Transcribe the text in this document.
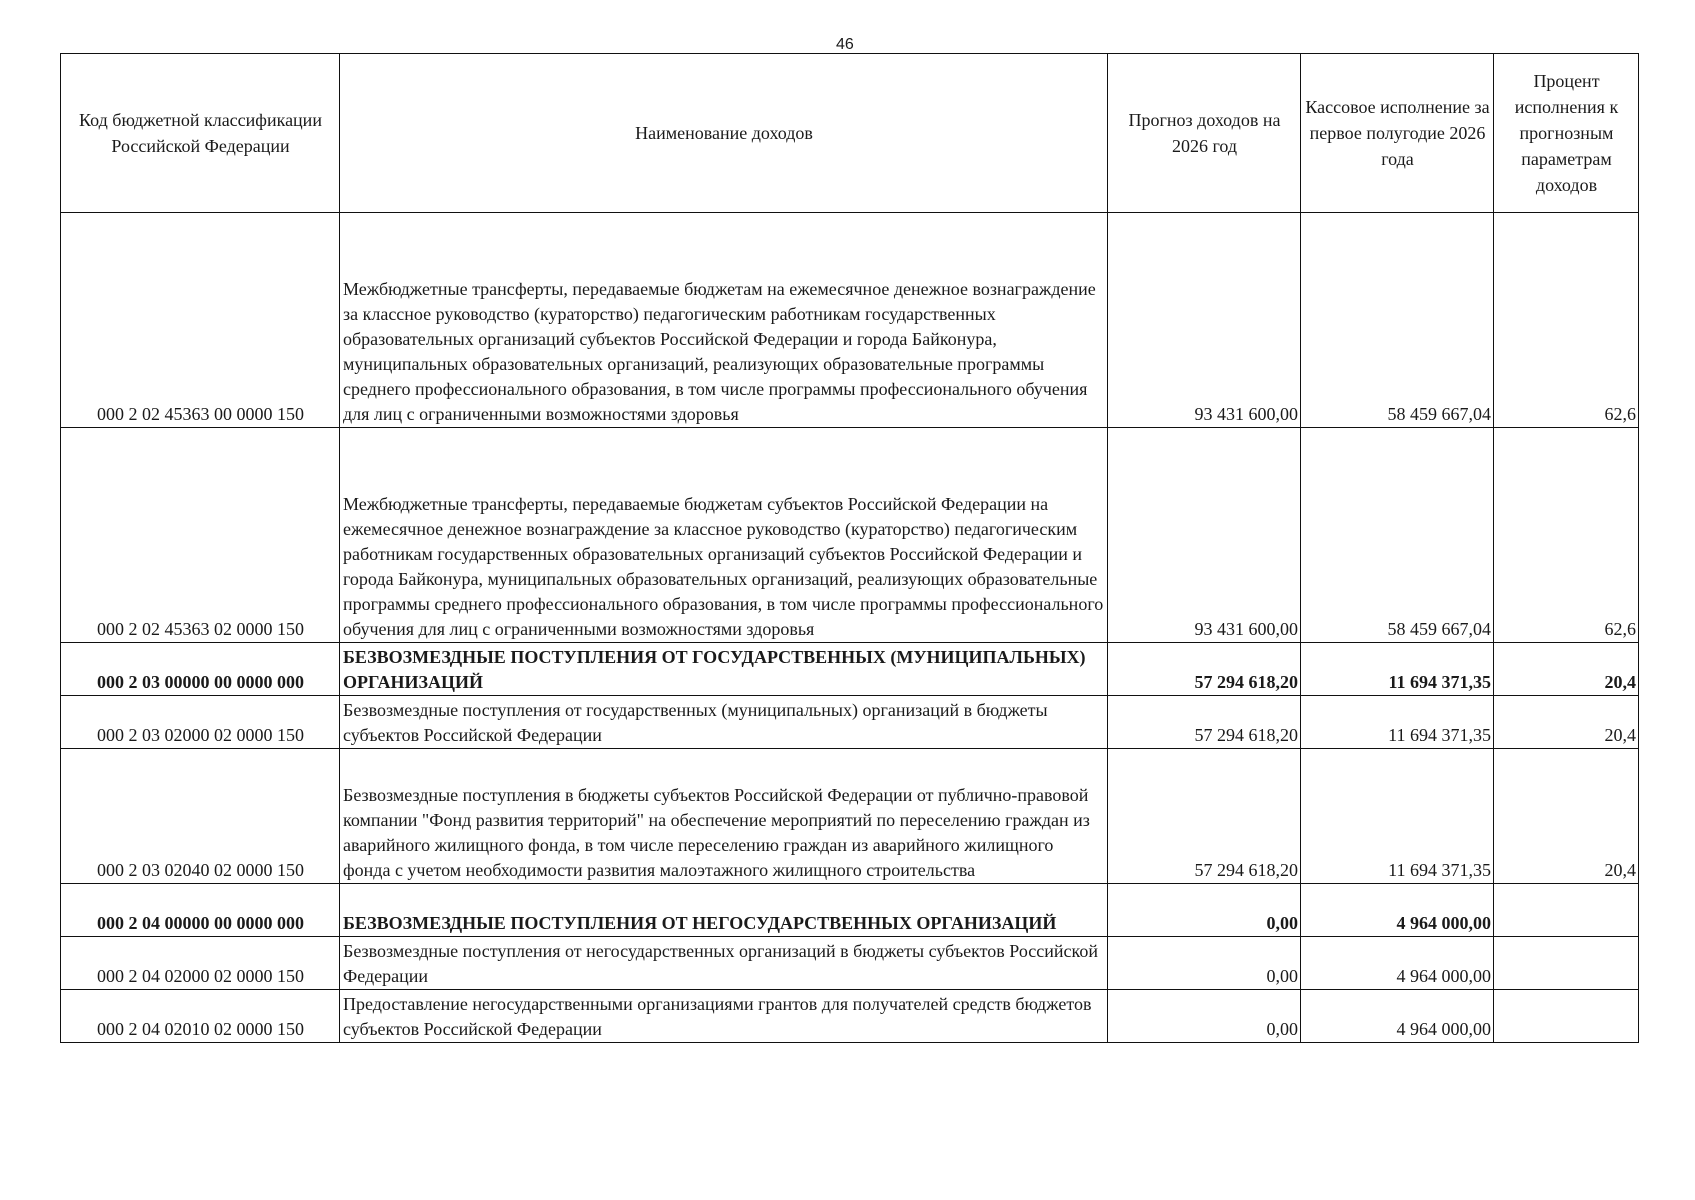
46
Код бюджетной классификации Российской Федерации	Наименование доходов	Прогноз доходов на 2026 год	Кассовое исполнение за первое полугодие 2026 года	Процент исполнения к прогнозным параметрам доходов
000 2 02 45363 00 0000 150	Межбюджетные трансферты, передаваемые бюджетам на ежемесячное денежное вознаграждение за классное руководство (кураторство) педагогическим работникам государственных образовательных организаций субъектов Российской Федерации и города Байконура, муниципальных образовательных организаций, реализующих образовательные программы среднего профессионального образования, в том числе программы профессионального обучения для лиц с ограниченными возможностями здоровья	93 431 600,00	58 459 667,04	62,6
000 2 02 45363 02 0000 150	Межбюджетные трансферты, передаваемые бюджетам субъектов Российской Федерации на ежемесячное денежное вознаграждение за классное руководство (кураторство) педагогическим работникам государственных образовательных организаций субъектов Российской Федерации и города Байконура, муниципальных образовательных организаций, реализующих образовательные программы среднего профессионального образования, в том числе программы профессионального обучения для лиц с ограниченными возможностями здоровья	93 431 600,00	58 459 667,04	62,6
000 2 03 00000 00 0000 000	БЕЗВОЗМЕЗДНЫЕ ПОСТУПЛЕНИЯ ОТ ГОСУДАРСТВЕННЫХ (МУНИЦИПАЛЬНЫХ) ОРГАНИЗАЦИЙ	57 294 618,20	11 694 371,35	20,4
000 2 03 02000 02 0000 150	Безвозмездные поступления от государственных (муниципальных) организаций в бюджеты субъектов Российской Федерации	57 294 618,20	11 694 371,35	20,4
000 2 03 02040 02 0000 150	Безвозмездные поступления в бюджеты субъектов Российской Федерации от публично-правовой компании "Фонд развития территорий" на обеспечение мероприятий по переселению граждан из аварийного жилищного фонда, в том числе переселению граждан из аварийного жилищного фонда с учетом необходимости развития малоэтажного жилищного строительства	57 294 618,20	11 694 371,35	20,4
000 2 04 00000 00 0000 000	БЕЗВОЗМЕЗДНЫЕ ПОСТУПЛЕНИЯ ОТ НЕГОСУДАРСТВЕННЫХ ОРГАНИЗАЦИЙ	0,00	4 964 000,00	
000 2 04 02000 02 0000 150	Безвозмездные поступления от негосударственных организаций в бюджеты субъектов Российской Федерации	0,00	4 964 000,00	
000 2 04 02010 02 0000 150	Предоставление негосударственными организациями грантов для получателей средств бюджетов субъектов Российской Федерации	0,00	4 964 000,00	
